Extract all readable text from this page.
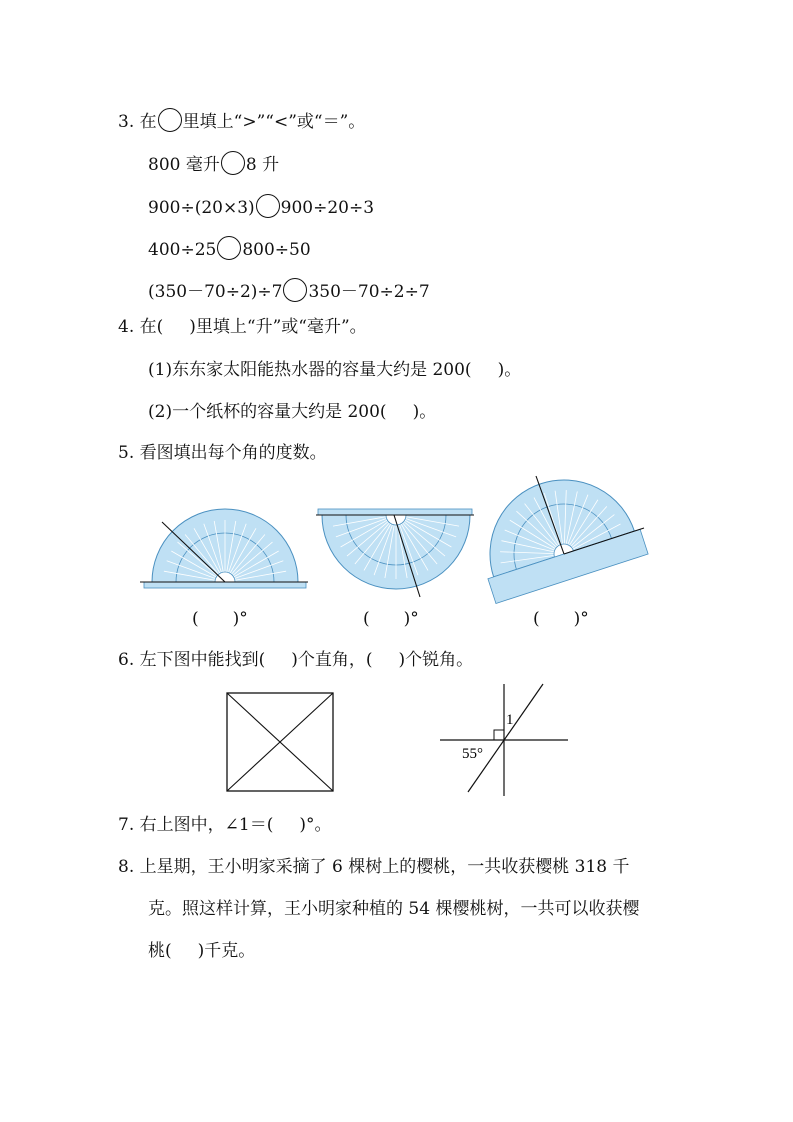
3. 在 里填上“>”“<”或“＝”。
800 毫升 8 升
900÷(20×3) 900÷20÷3
400÷25 800÷50
(350－70÷2)÷7 350－70÷2÷7
4. 在( )里填上“升”或“毫升”。
(1)东东家太阳能热水器的容量大约是 200( )。
(2)一个纸杯的容量大约是 200( )。
5. 看图填出每个角的度数。
(　　)°	(　　)°	(　　)°
6. 左下图中能找到( )个直角，( )个锐角。
1
55°
7. 右上图中，∠1＝( )°。
8. 上星期，王小明家采摘了 6 棵树上的樱桃，一共收获樱桃 318 千
克。照这样计算，王小明家种植的 54 棵樱桃树，一共可以收获樱
桃( )千克。
